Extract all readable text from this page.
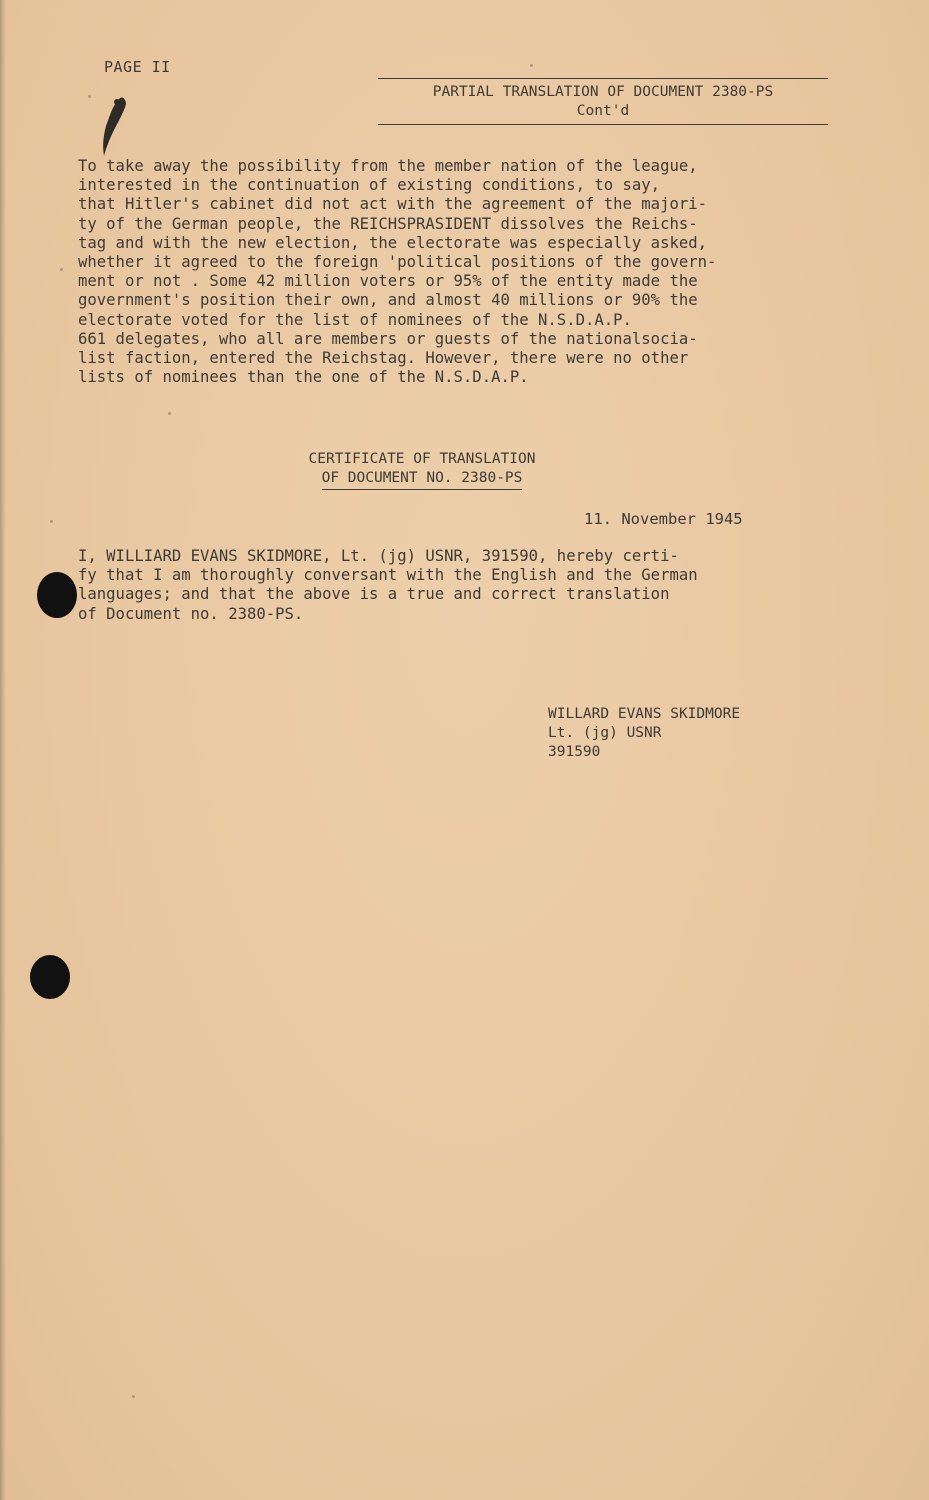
PAGE II
PARTIAL TRANSLATION OF DOCUMENT 2380-PS
Cont'd
To take away the possibility from the member nation of the league,
interested in the continuation of existing conditions, to say,
that Hitler's cabinet did not act with the agreement of the majori-
ty of the German people, the REICHSPRASIDENT dissolves the Reichs-
tag and with the new election, the electorate was especially asked,
whether it agreed to the foreign 'political positions of the govern-
ment or not . Some 42 million voters or 95% of the entity made the
government's position their own, and almost 40 millions or 90% the
electorate voted for the list of nominees of the N.S.D.A.P.
661 delegates, who all are members or guests of the nationalsocia-
list faction, entered the Reichstag. However, there were no other
lists of nominees than the one of the N.S.D.A.P.
CERTIFICATE OF TRANSLATION
OF DOCUMENT NO. 2380-PS
11. November 1945
I, WILLIARD EVANS SKIDMORE, Lt. (jg) USNR, 391590, hereby certi-
fy that I am thoroughly conversant with the English and the German
languages; and that the above is a true and correct translation
of Document no. 2380-PS.
WILLARD EVANS SKIDMORE
Lt. (jg) USNR
391590
